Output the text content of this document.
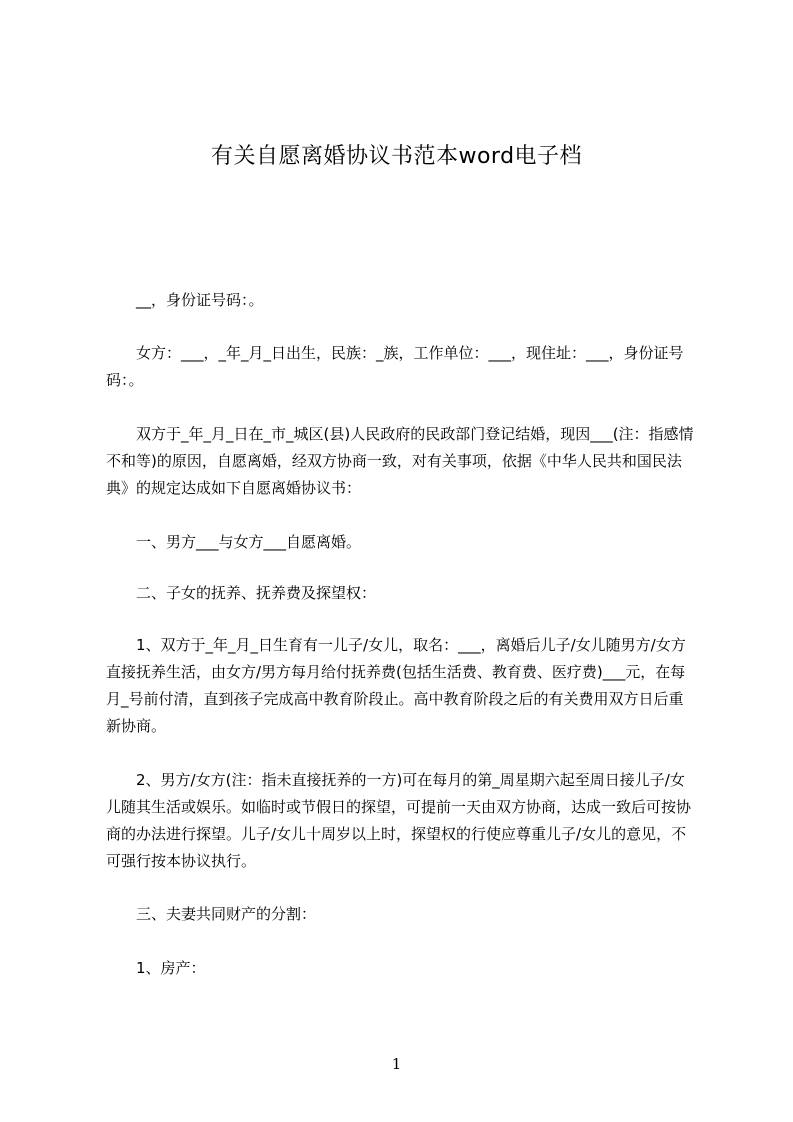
有关自愿离婚协议书范本word电子档
__，身份证号码：。
女方：___，_年_月_日出生，民族：_族，工作单位：___，现住址：___，身份证号码：。
双方于_年_月_日在_市_城区(县)人民政府的民政部门登记结婚，现因___(注：指感情不和等)的原因，自愿离婚，经双方协商一致，对有关事项，依据《中华人民共和国民法典》的规定达成如下自愿离婚协议书：
一、男方___与女方___自愿离婚。
二、子女的抚养、抚养费及探望权：
1、双方于_年_月_日生育有一儿子/女儿，取名：___，离婚后儿子/女儿随男方/女方直接抚养生活，由女方/男方每月给付抚养费(包括生活费、教育费、医疗费)___元，在每月_号前付清，直到孩子完成高中教育阶段止。高中教育阶段之后的有关费用双方日后重新协商。
2、男方/女方(注：指未直接抚养的一方)可在每月的第_周星期六起至周日接儿子/女儿随其生活或娱乐。如临时或节假日的探望，可提前一天由双方协商，达成一致后可按协商的办法进行探望。儿子/女儿十周岁以上时，探望权的行使应尊重儿子/女儿的意见，不可强行按本协议执行。
三、夫妻共同财产的分割：
1、房产：
1
